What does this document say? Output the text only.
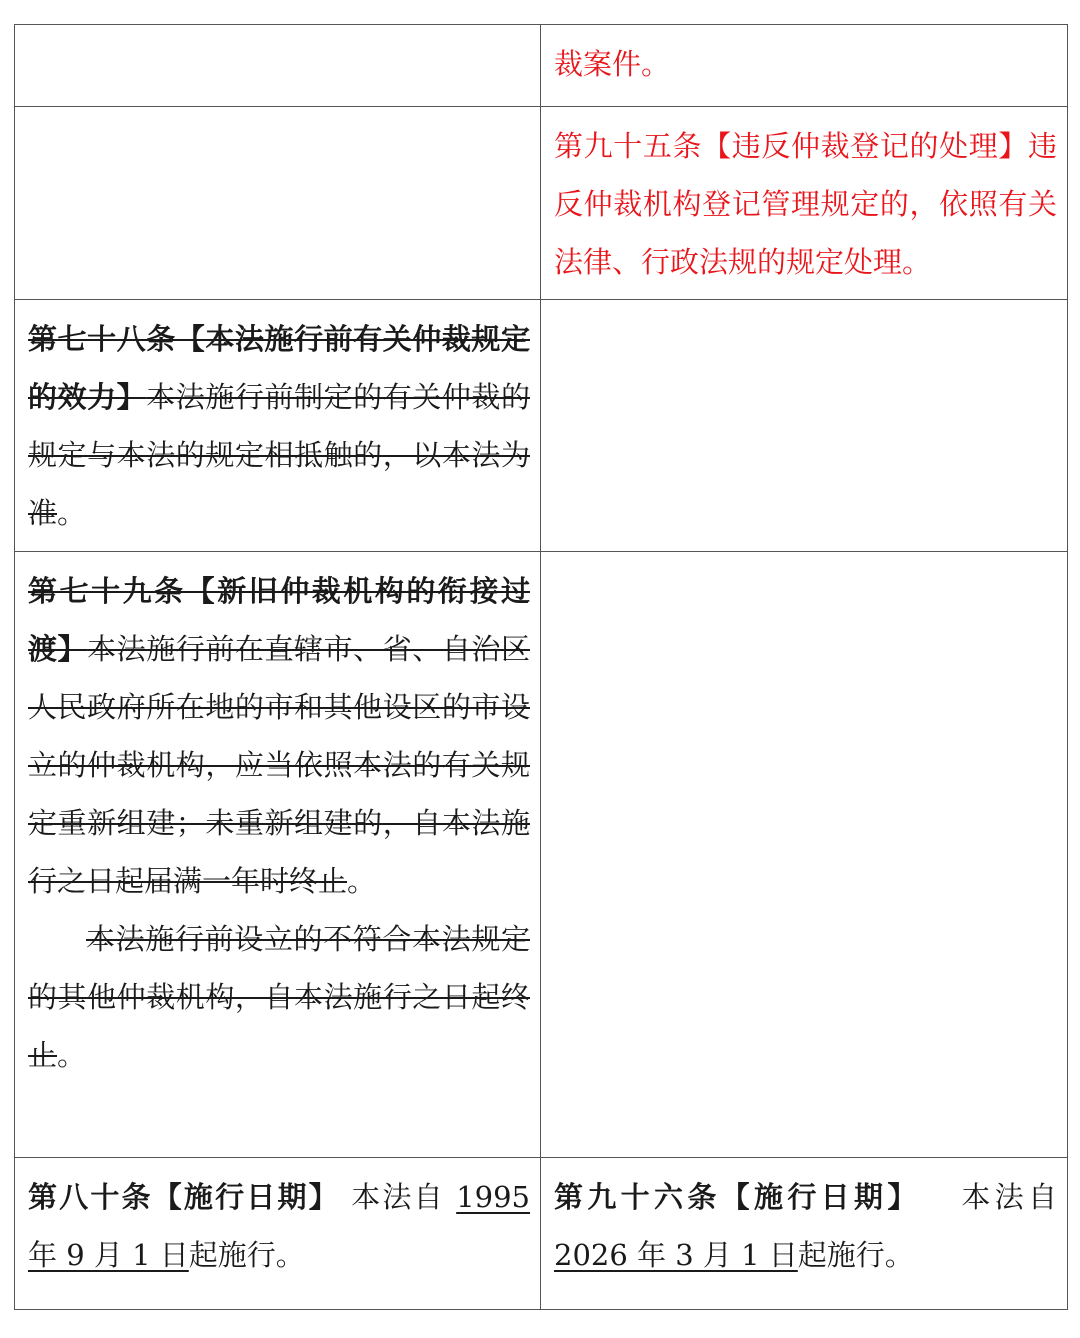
	裁案件。
	第九十五条【违反仲裁登记的处理】违反仲裁机构登记管理规定的，依照有关法律、行政法规的规定处理。
第七十八条【本法施行前有关仲裁规定的效力】本法施行前制定的有关仲裁的规定与本法的规定相抵触的，以本法为准。	

第七十九条【新旧仲裁机构的衔接过渡】本法施行前在直辖市、省、自治区人民政府所在地的市和其他设区的市设立的仲裁机构，应当依照本法的有关规定重新组建；未重新组建的，自本法施行之日起届满一年时终止。

本法施行前设立的不符合本法规定的其他仲裁机构，自本法施行之日起终止。	

第八十条【施行日期】 本法自 1995 年 9 月 1 日起施行。	第九十六条【施行日期】 本法自2026 年 3 月 1 日起施行。
